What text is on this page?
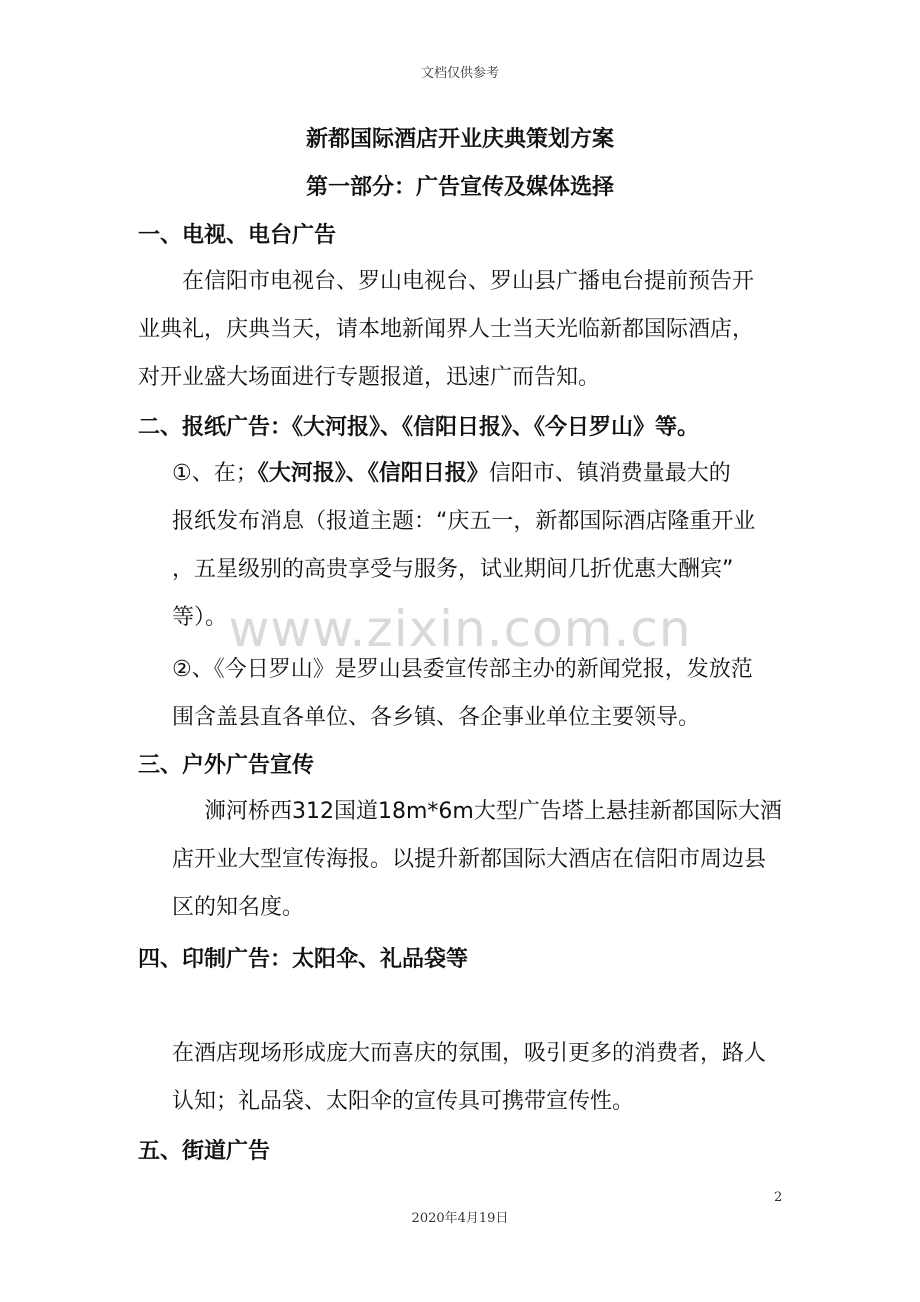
文档仅供参考
www.zixin.com.cn
新都国际酒店开业庆典策划方案
第一部分：广告宣传及媒体选择
一、电视、电台广告
在信阳市电视台、罗山电视台、罗山县广播电台提前预告开
业典礼，庆典当天，请本地新闻界人士当天光临新都国际酒店，
对开业盛大场面进行专题报道，迅速广而告知。
二、报纸广告：《大河报》、《信阳日报》、《今日罗山》等。
①、在；《大河报》、《信阳日报》信阳市、镇消费量最大的
报纸发布消息（报道主题：“庆五一，新都国际酒店隆重开业
，五星级别的高贵享受与服务，试业期间几折优惠大酬宾”
等）。
②、《今日罗山》是罗山县委宣传部主办的新闻党报，发放范
围含盖县直各单位、各乡镇、各企事业单位主要领导。
三、户外广告宣传
浉河桥西312国道18m*6m大型广告塔上悬挂新都国际大酒
店开业大型宣传海报。以提升新都国际大酒店在信阳市周边县
区的知名度。
四、印制广告：太阳伞、礼品袋等
在酒店现场形成庞大而喜庆的氛围，吸引更多的消费者，路人
认知；礼品袋、太阳伞的宣传具可携带宣传性。
五、街道广告
2
2020年4月19日
